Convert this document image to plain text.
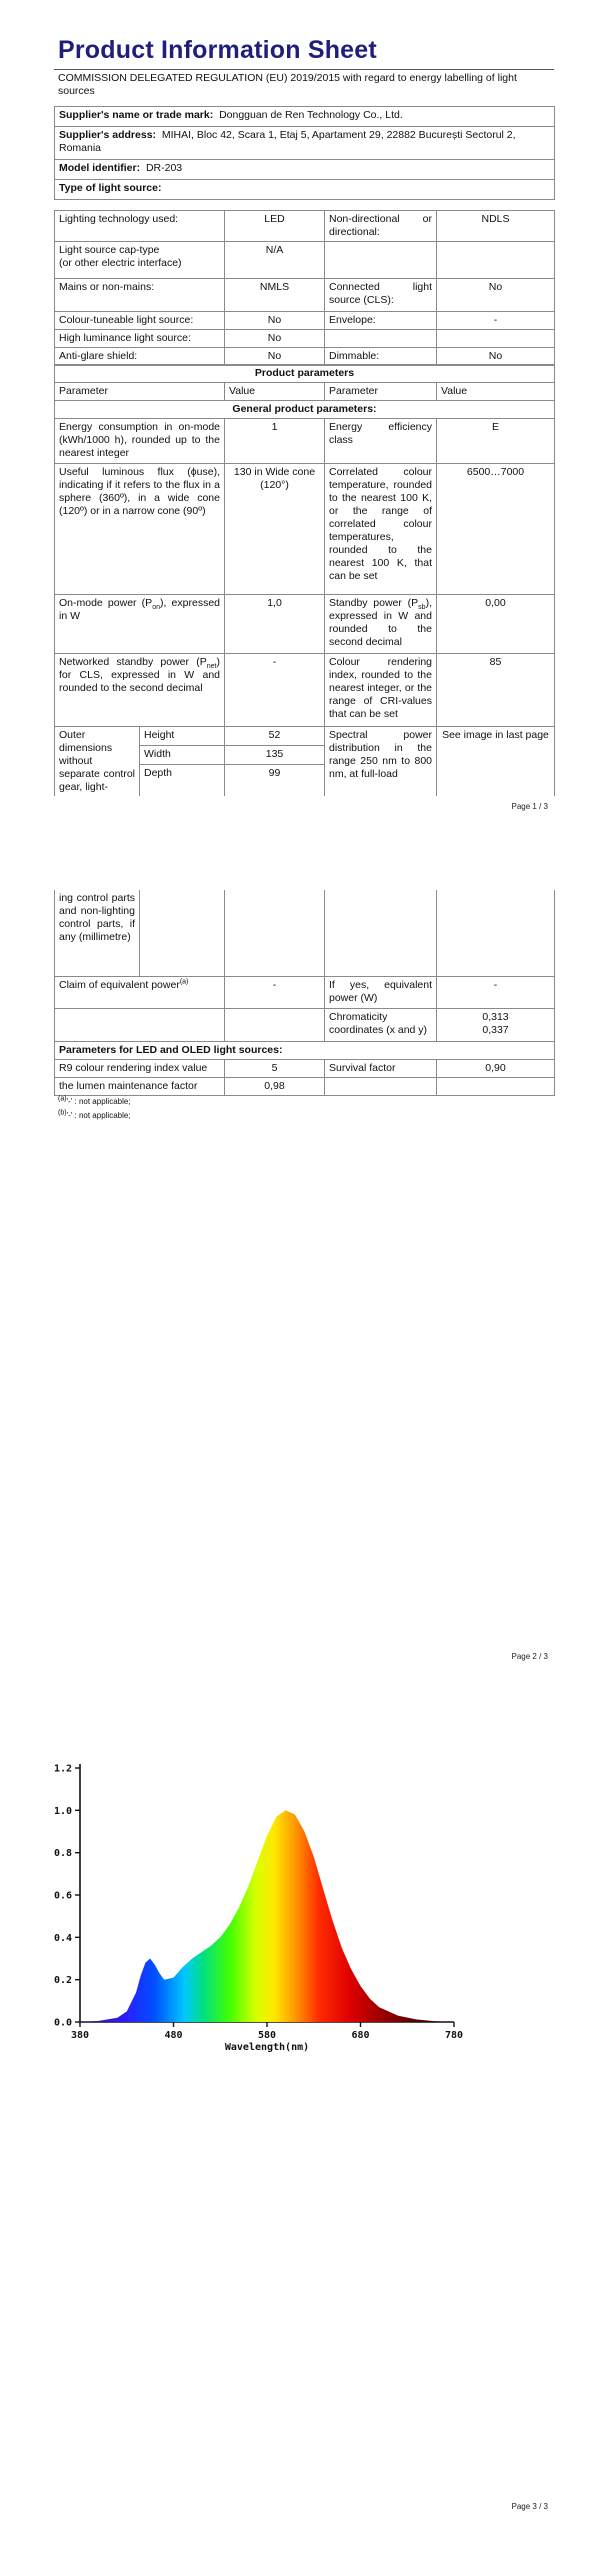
Product Information Sheet
COMMISSION DELEGATED REGULATION (EU) 2019/2015 with regard to energy labelling of light sources
Supplier's name or trade mark: Dongguan de Ren Technology Co., Ltd.
Supplier's address: MIHAI, Bloc 42, Scara 1, Etaj 5, Apartament 29, 22882 București Sectorul 2, Romania
Model identifier: DR-203
Type of light source:
Lighting technology used:	LED	Non-directional or directional:	NDLS
Light source cap-type
(or other electric interface)	N/A		
Mains or non-mains:	NMLS	Connected light source (CLS):	No
Colour-tuneable light source:	No	Envelope:	-
High luminance light source:	No		
Anti-glare shield:	No	Dimmable:	No
Product parameters				
Parameter		Value	Parameter	Value
General product parameters:				
Energy consumption in on-mode (kWh/1000 h), rounded up to the nearest integer		1	Energy efficiency class	E
Useful luminous flux (ϕuse), indicating if it refers to the flux in a sphere (360º), in a wide cone (120º) or in a narrow cone (90º)		130 in Wide cone (120°)	Correlated colour temperature, rounded to the nearest 100 K, or the range of correlated colour temperatures, rounded to the nearest 100 K, that can be set	6500…7000
On-mode power $(P_{on})$, expressed in W		1,0	Standby power $(P_{sb})$, expressed in W and rounded to the second decimal	0,00
Networked standby power $(P_{net})$ for CLS, expressed in W and rounded to the second decimal		-	Colour rendering index, rounded to the nearest integer, or the range of CRI-values that can be set	85
Outer dimensions without separate control gear, light-	Height	52	Spectral power distribution in the range 250 nm to 800 nm, at full-load	See image in last page
	Width	135		
	Depth	99		
Page 1 / 3
ing control parts and non-lighting control parts, if any (millimetre)				
Claim of equivalent power$^{(a)}$		-	If yes, equivalent power (W)	-
			Chromaticity coordinates (x and y)	0,313
0,337
Parameters for LED and OLED light sources:				
R9 colour rendering index value		5	Survival factor	0,90
the lumen maintenance factor		0,98		
$^{(a)}$'-' : not applicable;
$^{(b)}$'-' : not applicable;
Page 2 / 3
0.0
0.2
0.4
0.6
0.8
1.0
1.2
380	480	580	680	780
Wavelength(nm)
Page 3 / 3
